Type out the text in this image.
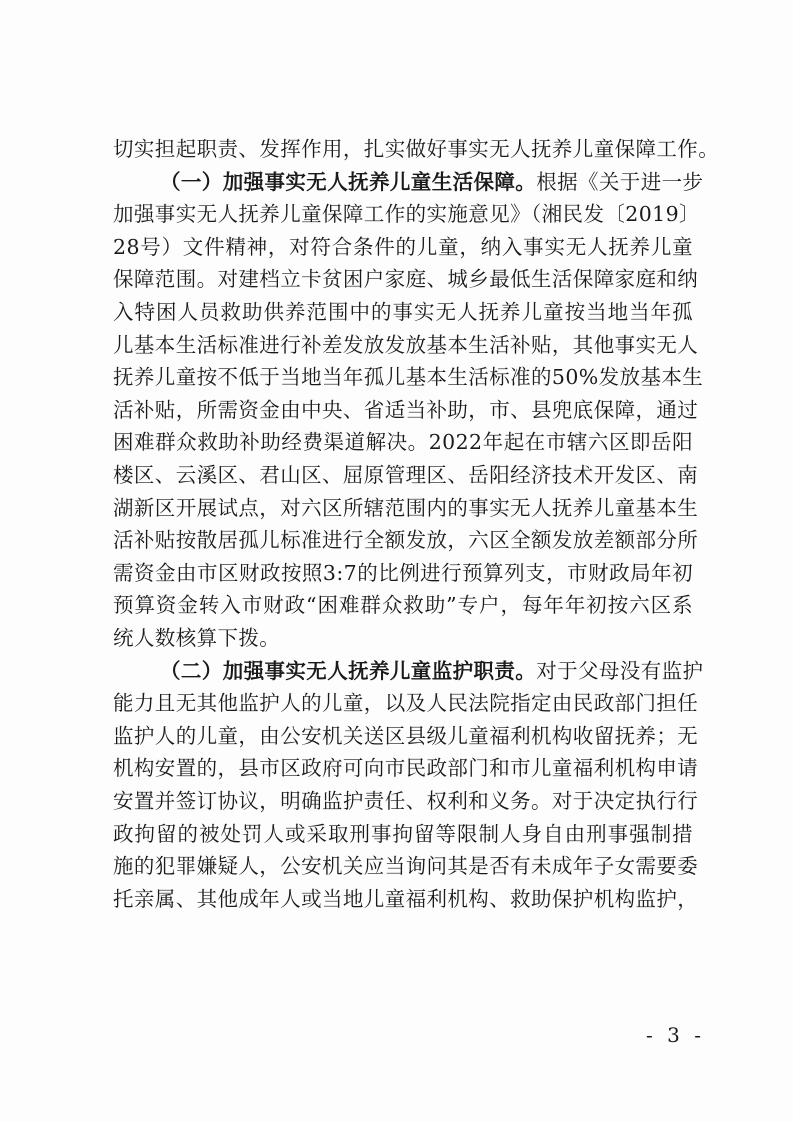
切实担起职责、发挥作用，扎实做好事实无人抚养儿童保障工作。
（一）加强事实无人抚养儿童生活保障。根据《关于进一步
加强事实无人抚养儿童保障工作的实施意见》（湘民发〔2019〕
28号）文件精神，对符合条件的儿童，纳入事实无人抚养儿童
保障范围。对建档立卡贫困户家庭、城乡最低生活保障家庭和纳
入特困人员救助供养范围中的事实无人抚养儿童按当地当年孤
儿基本生活标准进行补差发放发放基本生活补贴，其他事实无人
抚养儿童按不低于当地当年孤儿基本生活标准的50%发放基本生
活补贴，所需资金由中央、省适当补助，市、县兜底保障，通过
困难群众救助补助经费渠道解决。2022年起在市辖六区即岳阳
楼区、云溪区、君山区、屈原管理区、岳阳经济技术开发区、南
湖新区开展试点，对六区所辖范围内的事实无人抚养儿童基本生
活补贴按散居孤儿标准进行全额发放，六区全额发放差额部分所
需资金由市区财政按照3:7的比例进行预算列支，市财政局年初
预算资金转入市财政“困难群众救助”专户，每年年初按六区系
统人数核算下拨。
（二）加强事实无人抚养儿童监护职责。对于父母没有监护
能力且无其他监护人的儿童，以及人民法院指定由民政部门担任
监护人的儿童，由公安机关送区县级儿童福利机构收留抚养；无
机构安置的，县市区政府可向市民政部门和市儿童福利机构申请
安置并签订协议，明确监护责任、权利和义务。对于决定执行行
政拘留的被处罚人或采取刑事拘留等限制人身自由刑事强制措
施的犯罪嫌疑人，公安机关应当询问其是否有未成年子女需要委
托亲属、其他成年人或当地儿童福利机构、救助保护机构监护，
- 3 -
